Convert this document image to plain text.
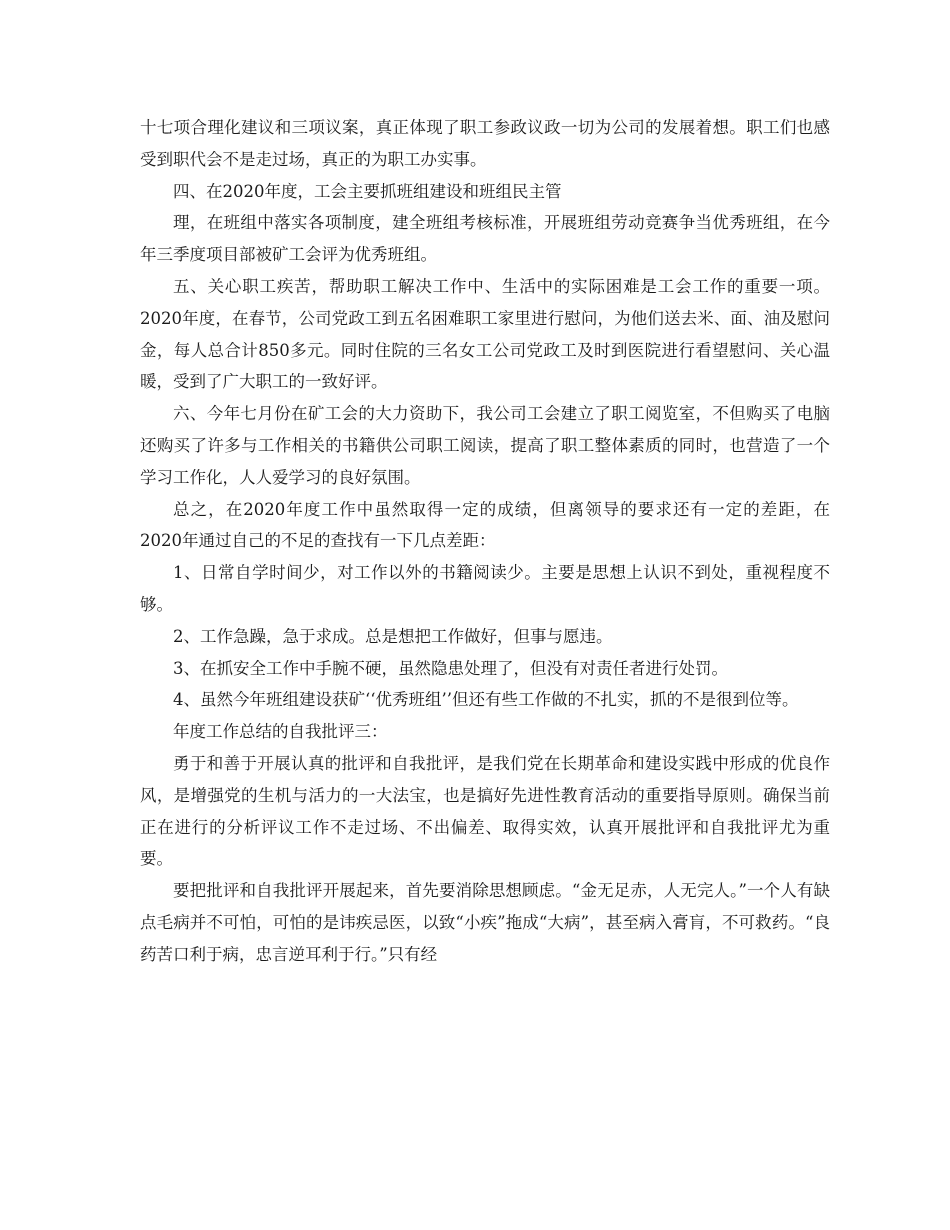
十七项合理化建议和三项议案，真正体现了职工参政议政一切为公司的发展着想。职工们也感受到职代会不是走过场，真正的为职工办实事。

四、在2020年度，工会主要抓班组建设和班组民主管

理，在班组中落实各项制度，建全班组考核标准，开展班组劳动竞赛争当优秀班组，在今年三季度项目部被矿工会评为优秀班组。

五、关心职工疾苦，帮助职工解决工作中、生活中的实际困难是工会工作的重要一项。2020年度，在春节，公司党政工到五名困难职工家里进行慰问，为他们送去米、面、油及慰问金，每人总合计850多元。同时住院的三名女工公司党政工及时到医院进行看望慰问、关心温暖，受到了广大职工的一致好评。

六、今年七月份在矿工会的大力资助下，我公司工会建立了职工阅览室，不但购买了电脑还购买了许多与工作相关的书籍供公司职工阅读，提高了职工整体素质的同时，也营造了一个学习工作化，人人爱学习的良好氛围。

总之，在2020年度工作中虽然取得一定的成绩，但离领导的要求还有一定的差距，在2020年通过自己的不足的查找有一下几点差距：

1、日常自学时间少，对工作以外的书籍阅读少。主要是思想上认识不到处，重视程度不够。

2、工作急躁，急于求成。总是想把工作做好，但事与愿违。

3、在抓安全工作中手腕不硬，虽然隐患处理了，但没有对责任者进行处罚。

4、虽然今年班组建设获矿‘‘优秀班组’’但还有些工作做的不扎实，抓的不是很到位等。

年度工作总结的自我批评三：

勇于和善于开展认真的批评和自我批评，是我们党在长期革命和建设实践中形成的优良作风，是增强党的生机与活力的一大法宝，也是搞好先进性教育活动的重要指导原则。确保当前正在进行的分析评议工作不走过场、不出偏差、取得实效，认真开展批评和自我批评尤为重要。

要把批评和自我批评开展起来，首先要消除思想顾虑。“金无足赤，人无完人。”一个人有缺点毛病并不可怕，可怕的是讳疾忌医，以致“小疾”拖成“大病”，甚至病入膏肓，不可救药。“良药苦口利于病，忠言逆耳利于行。”只有经
